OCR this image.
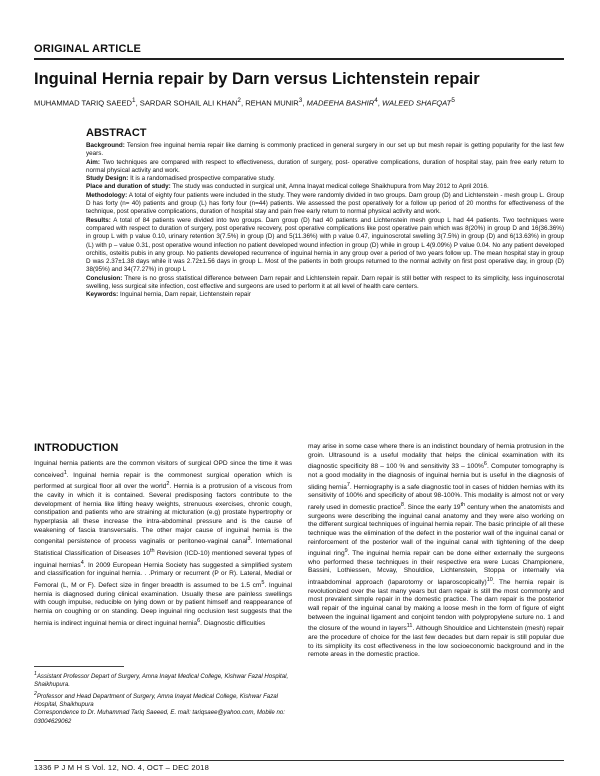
ORIGINAL ARTICLE
Inguinal Hernia repair by Darn versus Lichtenstein repair
MUHAMMAD TARIQ SAEED$^1$, SARDAR SOHAIL ALI KHAN$^2$, REHAN MUNIR$^3$, MADEEHA BASHIR$^4$, WALEED SHAFQAT$^5$
ABSTRACT

Background: Tension free inguinal hernia repair like darning is commonly practiced in general surgery in our set up but mesh repair is getting popularity for the last few years.

Aim: Two techniques are compared with respect to effectiveness, duration of surgery, post- operative complications, duration of hospital stay, pain free early return to normal physical activity and work.

Study Design: It is a randomadised prospective comparative study.

Place and duration of study: The study was conducted in surgical unit, Amna Inayat medical college Shaikhupura from May 2012 to April 2016.

Methodology: A total of eighty four patients were included in the study. They were randomly divided in two groups. Darn group (D) and Lichtenstein - mesh group L. Group D has forty (n= 40) patients and group (L) has forty four (n=44) patients. We assessed the post operatively for a follow up period of 20 months for effectiveness of the technique, post operative complications, duration of hospital stay and pain free early return to normal physical activity and work.

Results: A total of 84 patients were divided into two groups. Darn group (D) had 40 patients and Lichtenstein mesh group L had 44 patients. Two techniques were compared with respect to duration of surgery, post operative recovery, post operative complications like post operative pain which was 8(20%) in group D and 16(36.36%) in group L with p value 0.10, urinary retention 3(7.5%) in group (D) and 5(11.36%) with p value 0.47, inguinoscrotal swelling 3(7.5%) in group (D) and 6(13.63%) in group (L) with p – value 0.31, post operative wound infection no patient developed wound infection in group (D) while in group L 4(9.09%) P value 0.04. No any patient developed orchitis, osteitis pubis in any group. No patients developed recurrence of inguinal hernia in any group over a period of two years follow up. The mean hospital stay in group D was 2.37±1.38 days while it was 2.72±1.56 days in group L. Most of the patients in both groups returned to the normal activity on first post operative day, in group (D) 38(95%) and 34(77.27%) in group L

Conclusion: There is no gross statistical difference between Darn repair and Lichtenstein repair. Darn repair is still better with respect to its simplicity, less inguinoscrotal swelling, less surgical site infection, cost effective and surgeons are used to perform it at all level of health care centers.

Keywords: Inguinal hernia, Darn repair, Lichtenstein repair

INTRODUCTION

Inguinal hernia patients are the common visitors of surgical OPD since the time it was conceived$^1$. Inguinal hernia repair is the commonest surgical operation which is performed at surgical floor all over the world$^2$. Hernia is a protrusion of a viscous from the cavity in which it is contained. Several predisposing factors contribute to the development of hernia like lifting heavy weights, strenuous exercises, chronic cough, constipation and patients who are straining at micturation (e.g) prostate hypertrophy or hyperplasia all these increase the intra-abdominal pressure and is the cause of weakening of fascia transversalis. The other major cause of inguinal hernia is the congenital persistence of process vaginalis or peritoneo-vaginal canal$^3$. International Statistical Classification of Diseases 10th Revision (ICD-10) mentioned several types of inguinal hernias$^4$. In 2009 European Hernia Society has suggested a simplified system and classification for inguinal hernia. . .Primary or recurrent (P or R). Lateral, Medial or Femoral (L, M or F). Defect size in finger breadth is assumed to be 1.5 $cm^5$. Inguinal hernia is diagnosed during clinical examination. Usually these are painless swellings with cough impulse, reducible on lying down or by patient himself and reappearance of hernia on coughing or on standing. Deep inguinal ring occlusion test suggests that the hernia is indirect inguinal hernia or direct inguinal hernia$^6$. Diagnostic difficulties

may arise in some case where there is an indistinct boundary of hernia protrusion in the groin. Ultrasound is a useful modality that helps the clinical examination with its diagnostic specificity 88 – 100 % and sensitivity 33 – 100%$^6$. Computer tomography is not a good modality in the diagnosis of inguinal hernia but is useful in the diagnosis of sliding hernia$^7$. Herniography is a safe diagnostic tool in cases of hidden hernias with its sensitivity of 100% and specificity of about 98-100%. This modality is almost not or very rarely used in domestic practice$^8$. Since the early 19th century when the anatomists and surgeons were describing the inguinal canal anatomy and they were also working on the different surgical techniques of inguinal hernia repair. The basic principle of all these technique was the elimination of the defect in the posterior wall of the inguinal canal or reinforcement of the posterior wall of the inguinal canal with tightening of the deep inguinal ring$^9$. The inguinal hernia repair can be done either externally the surgeons who performed these techniques in their respective era were Lucas Championere, Bassini, Lothiessen, Mcvay, Shouldice, Lichtenstein, Stoppa or internally via intraabdominal approach (laparotomy or laparoscopically)$^{10}$. The hernia repair is revolutionized over the last many years but darn repair is still the most commonly and most prevalent simple repair in the domestic practice. The darn repair is the posterior wall repair of the inguinal canal by making a loose mesh in the form of figure of eight between the inguinal ligament and conjoint tendon with polypropylene suture no. 1 and the closure of the wound in layers$^{11}$. Although Shouldice and Lichtenstein (mesh) repair are the procedure of choice for the last few decades but darn repair is still popular due to its simplicity its cost effectiveness in the low socioeconomic background and in the remote areas in the domestic practice.

$^1$Assistant Professor Depart of Surgery, Amna Inayat Medical College, Kishwar Fazal Hospital, Shaikhupura.

$^2$Professor and Head Department of Surgery, Amna Inayat Medical College, Kishwar Fazal Hospital, Shaikhupura

Correspondence to Dr. Muhammad Tariq Saeeed, E. mail: tariqsaee@yahoo.com, Mobile no: 03004629062

1336 P J M H S Vol. 12, NO. 4, OCT – DEC 2018
